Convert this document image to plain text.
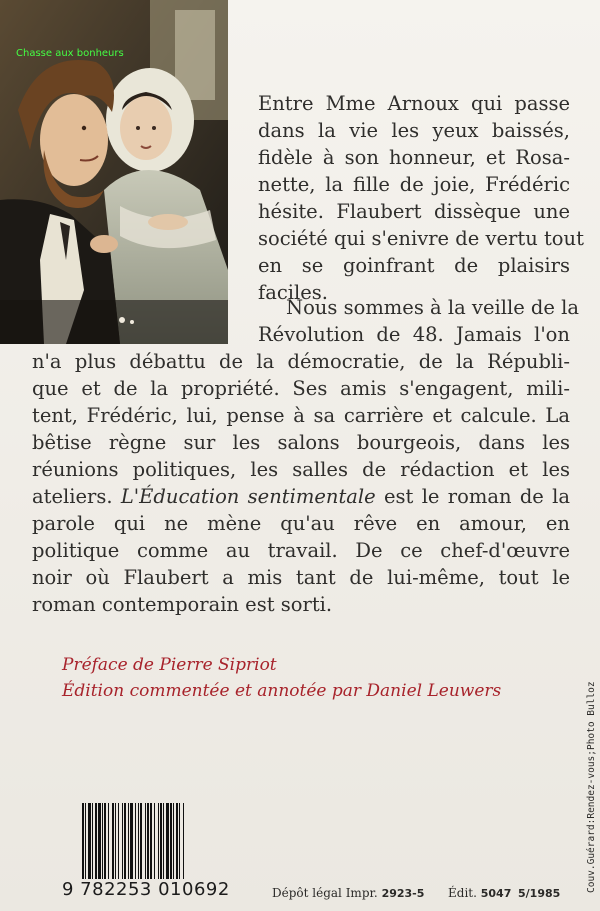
Chasse aux bonheurs
Entre Mme Arnoux qui passe
dans la vie les yeux baissés,
fidèle à son honneur, et Rosa-
nette, la fille de joie, Frédéric
hésite. Flaubert dissèque une
société qui s'enivre de vertu tout
en se goinfrant de plaisirs
faciles.
Nous sommes à la veille de la
Révolution de 48. Jamais l'on
n'a plus débattu de la démocratie, de la Républi-
que et de la propriété. Ses amis s'engagent, mili-
tent, Frédéric, lui, pense à sa carrière et calcule. La
bêtise règne sur les salons bourgeois, dans les
réunions politiques, les salles de rédaction et les
ateliers. L'Éducation sentimentale est le roman de la
parole qui ne mène qu'au rêve en amour, en
politique comme au travail. De ce chef-d'œuvre
noir où Flaubert a mis tant de lui-même, tout le
roman contemporain est sorti.
Préface de Pierre Sipriot
Édition commentée et annotée par Daniel Leuwers	Couv.Guérard:Rendez-vous;Photo Bulloz
9 782253 010692	Dépôt légal Impr. 2923-5 Édit. 5047 5/1985
